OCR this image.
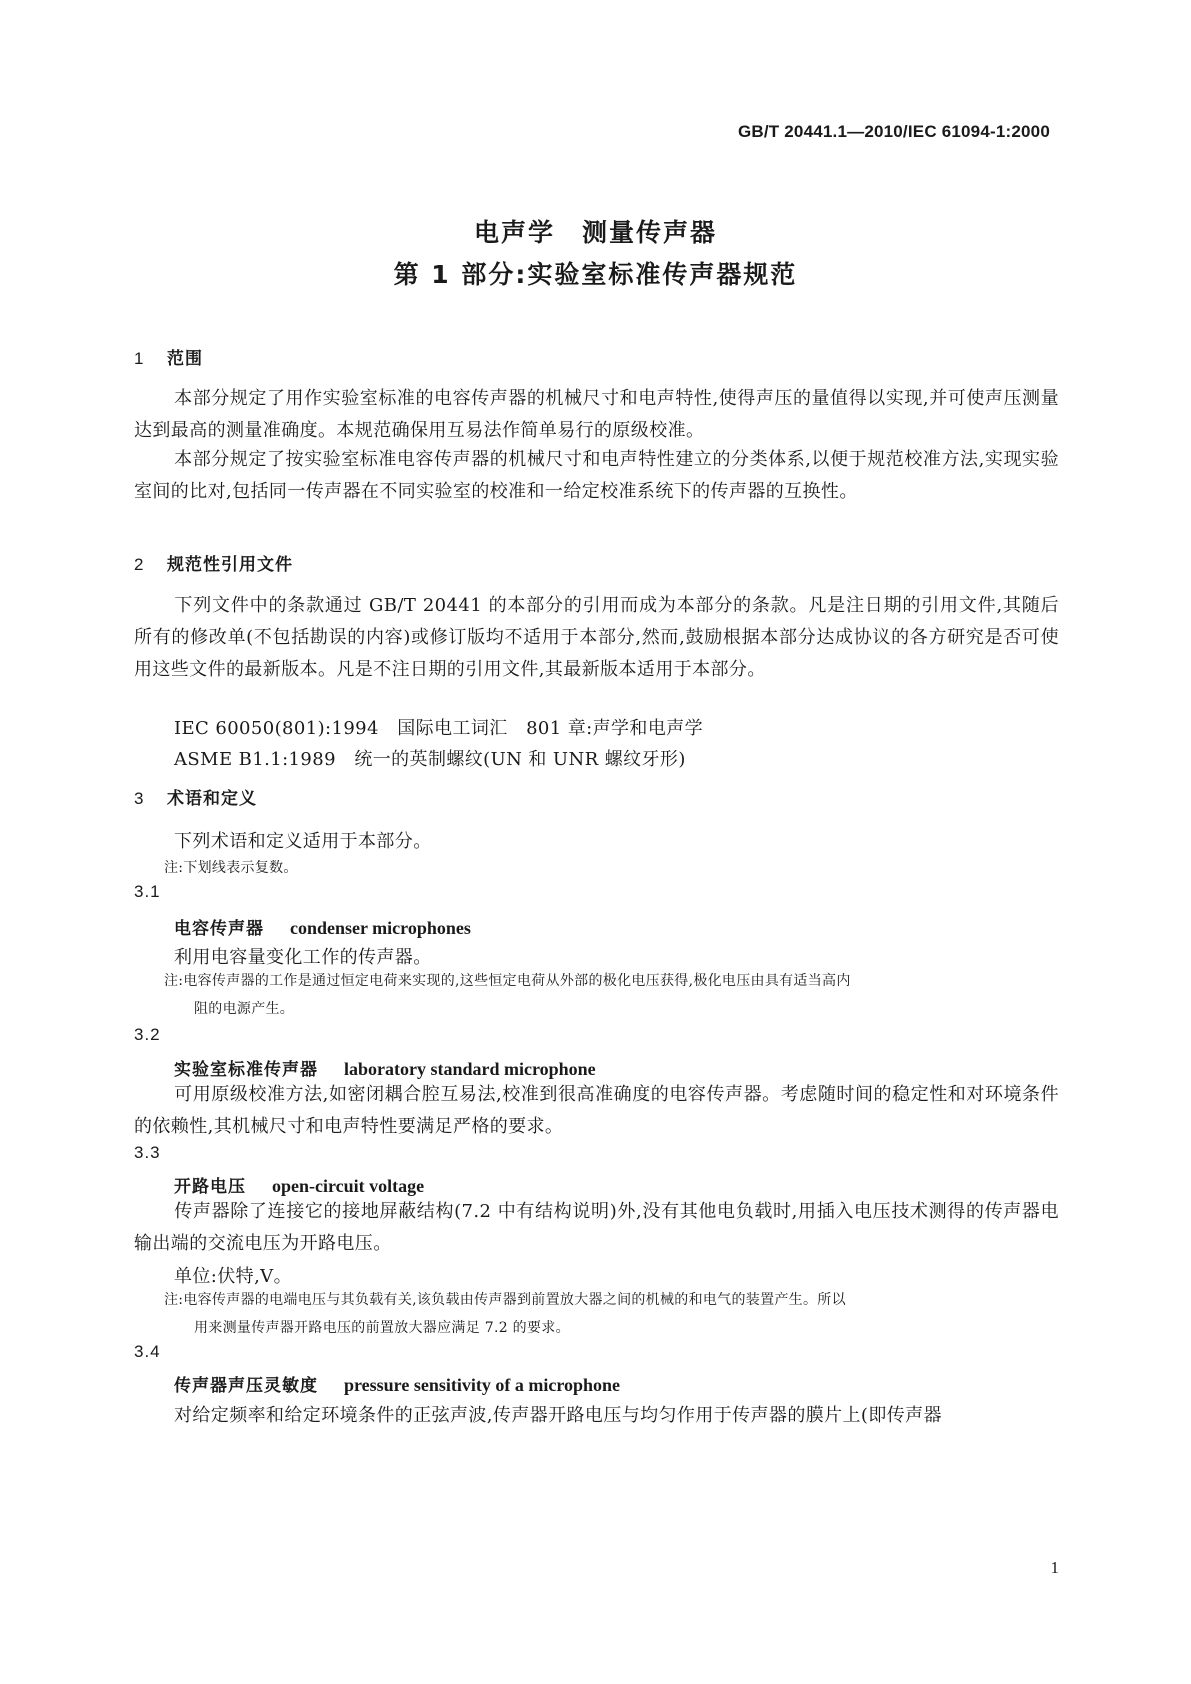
GB/T 20441.1—2010/IEC 61094-1:2000
电声学　测量传声器
第 1 部分:实验室标准传声器规范
1 范围
本部分规定了用作实验室标准的电容传声器的机械尺寸和电声特性,使得声压的量值得以实现,并可使声压测量达到最高的测量准确度。本规范确保用互易法作简单易行的原级校准。
本部分规定了按实验室标准电容传声器的机械尺寸和电声特性建立的分类体系,以便于规范校准方法,实现实验室间的比对,包括同一传声器在不同实验室的校准和一给定校准系统下的传声器的互换性。
2 规范性引用文件
下列文件中的条款通过 GB/T 20441 的本部分的引用而成为本部分的条款。凡是注日期的引用文件,其随后所有的修改单(不包括勘误的内容)或修订版均不适用于本部分,然而,鼓励根据本部分达成协议的各方研究是否可使用这些文件的最新版本。凡是不注日期的引用文件,其最新版本适用于本部分。
IEC 60050(801):1994　国际电工词汇　801 章:声学和电声学
ASME B1.1:1989　统一的英制螺纹(UN 和 UNR 螺纹牙形)
3 术语和定义
下列术语和定义适用于本部分。
注:下划线表示复数。
3.1
电容传声器 condenser microphones
利用电容量变化工作的传声器。
注:电容传声器的工作是通过恒定电荷来实现的,这些恒定电荷从外部的极化电压获得,极化电压由具有适当高内
阻的电源产生。
3.2
实验室标准传声器 laboratory standard microphone
可用原级校准方法,如密闭耦合腔互易法,校准到很高准确度的电容传声器。考虑随时间的稳定性和对环境条件的依赖性,其机械尺寸和电声特性要满足严格的要求。
3.3
开路电压 open-circuit voltage
传声器除了连接它的接地屏蔽结构(7.2 中有结构说明)外,没有其他电负载时,用插入电压技术测得的传声器电输出端的交流电压为开路电压。
单位:伏特,V。
注:电容传声器的电端电压与其负载有关,该负载由传声器到前置放大器之间的机械的和电气的装置产生。所以
用来测量传声器开路电压的前置放大器应满足 7.2 的要求。
3.4
传声器声压灵敏度 pressure sensitivity of a microphone
对给定频率和给定环境条件的正弦声波,传声器开路电压与均匀作用于传声器的膜片上(即传声器
1
